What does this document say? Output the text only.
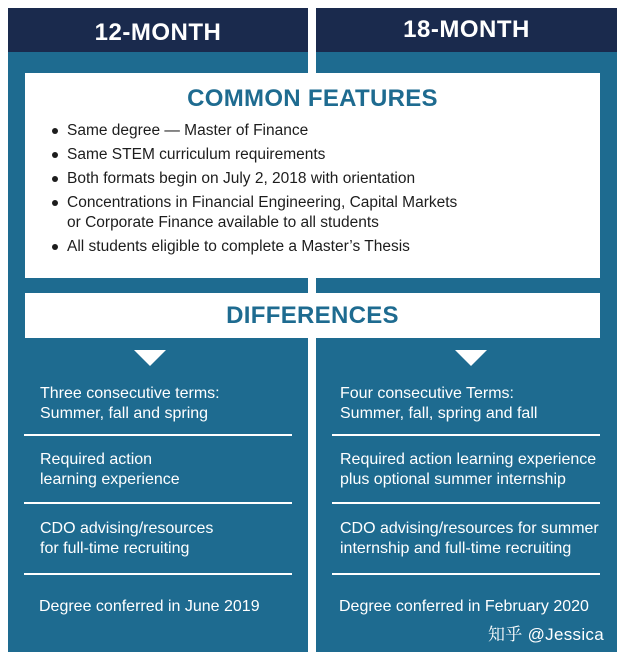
12-MONTH	18-MONTH
COMMON FEATURES
Same degree — Master of Finance
Same STEM curriculum requirements
Both formats begin on July 2, 2018 with orientation
Concentrations in Financial Engineering, Capital Markets or Corporate Finance available to all students
All students eligible to complete a Master’s Thesis
DIFFERENCES
Three consecutive terms:
Summer, fall and spring
Required action
learning experience
CDO advising/resources
for full-time recruiting
Degree conferred in June 2019
Four consecutive Terms:
Summer, fall, spring and fall
Required action learning experience
plus optional summer internship
CDO advising/resources for summer
internship and full-time recruiting
Degree conferred in February 2020
知乎 @Jessica
